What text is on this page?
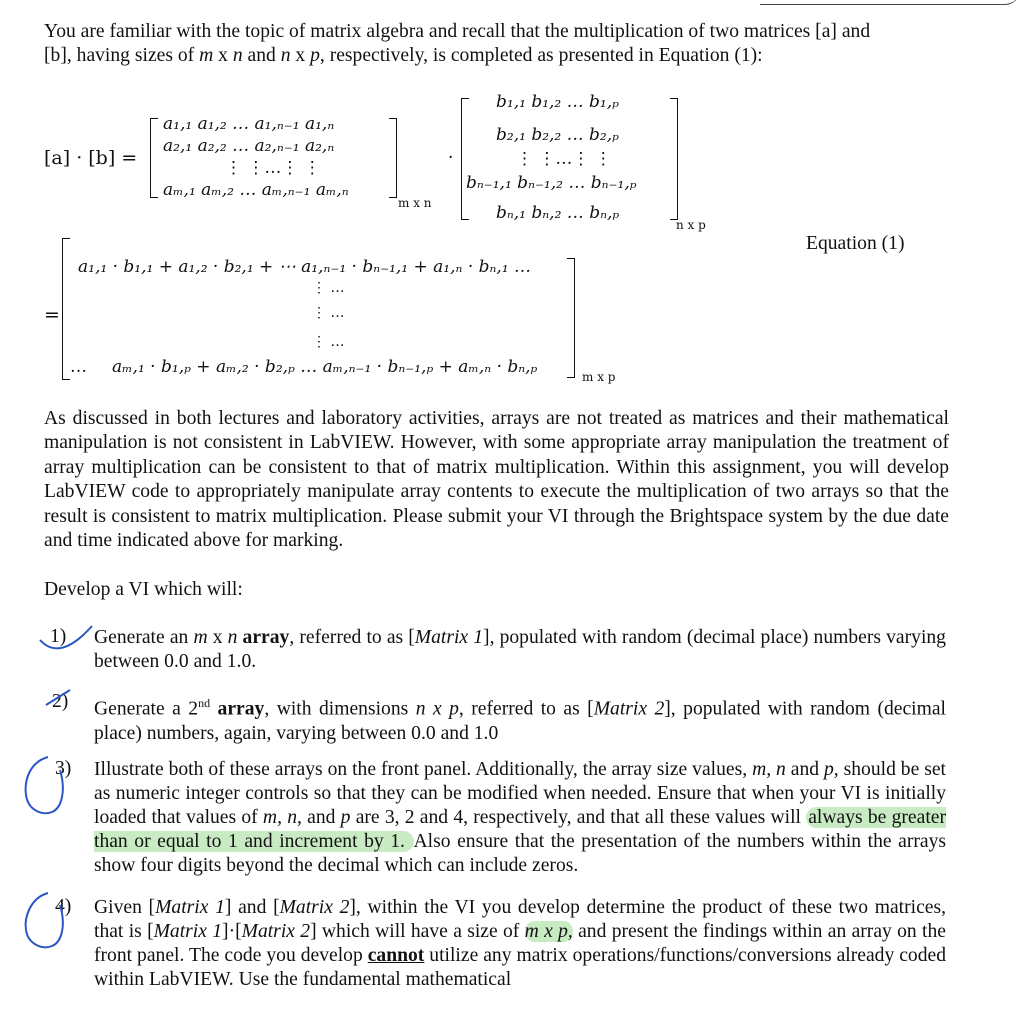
You are familiar with the topic of matrix algebra and recall that the multiplication of two matrices [a] and
[b], having sizes of m x n and n x p, respectively, is completed as presented in Equation (1):
[a] · [b] =
a₁,₁ a₁,₂ … a₁,ₙ₋₁ a₁,ₙ
a₂,₁ a₂,₂ … a₂,ₙ₋₁ a₂,ₙ
⋮ ⋮…⋮ ⋮
aₘ,₁ aₘ,₂ … aₘ,ₙ₋₁ aₘ,ₙ
m x n
·
b₁,₁ b₁,₂ … b₁,ₚ
b₂,₁ b₂,₂ … b₂,ₚ
⋮ ⋮…⋮ ⋮
bₙ₋₁,₁ bₙ₋₁,₂ … bₙ₋₁,ₚ
bₙ,₁ bₙ,₂ … bₙ,ₚ
n x p
Equation (1)
=
a₁,₁ · b₁,₁ + a₁,₂ · b₂,₁ + ⋯ a₁,ₙ₋₁ · bₙ₋₁,₁ + a₁,ₙ · bₙ,₁ …
⋮ …
⋮ …
⋮ …
… aₘ,₁ · b₁,ₚ + aₘ,₂ · b₂,ₚ … aₘ,ₙ₋₁ · bₙ₋₁,ₚ + aₘ,ₙ · bₙ,ₚ	m x p
As discussed in both lectures and laboratory activities, arrays are not treated as matrices and their mathematical manipulation is not consistent in LabVIEW. However, with some appropriate array manipulation the treatment of array multiplication can be consistent to that of matrix multiplication. Within this assignment, you will develop LabVIEW code to appropriately manipulate array contents to execute the multiplication of two arrays so that the result is consistent to matrix multiplication. Please submit your VI through the Brightspace system by the due date and time indicated above for marking.
Develop a VI which will:
1) Generate an m x n array, referred to as [Matrix 1], populated with random (decimal place) numbers varying between 0.0 and 1.0.
2) Generate a 2nd array, with dimensions n x p, referred to as [Matrix 2], populated with random (decimal place) numbers, again, varying between 0.0 and 1.0
3) Illustrate both of these arrays on the front panel. Additionally, the array size values, m, n and p, should be set as numeric integer controls so that they can be modified when needed. Ensure that when your VI is initially loaded that values of m, n, and p are 3, 2 and 4, respectively, and that all these values will always be greater than or equal to 1 and increment by 1. Also ensure that the presentation of the numbers within the arrays show four digits beyond the decimal which can include zeros.
4) Given [Matrix 1] and [Matrix 2], within the VI you develop determine the product of these two matrices, that is [Matrix 1]·[Matrix 2] which will have a size of m x p, and present the findings within an array on the front panel. The code you develop cannot utilize any matrix operations/functions/conversions already coded within LabVIEW. Use the fundamental mathematical
